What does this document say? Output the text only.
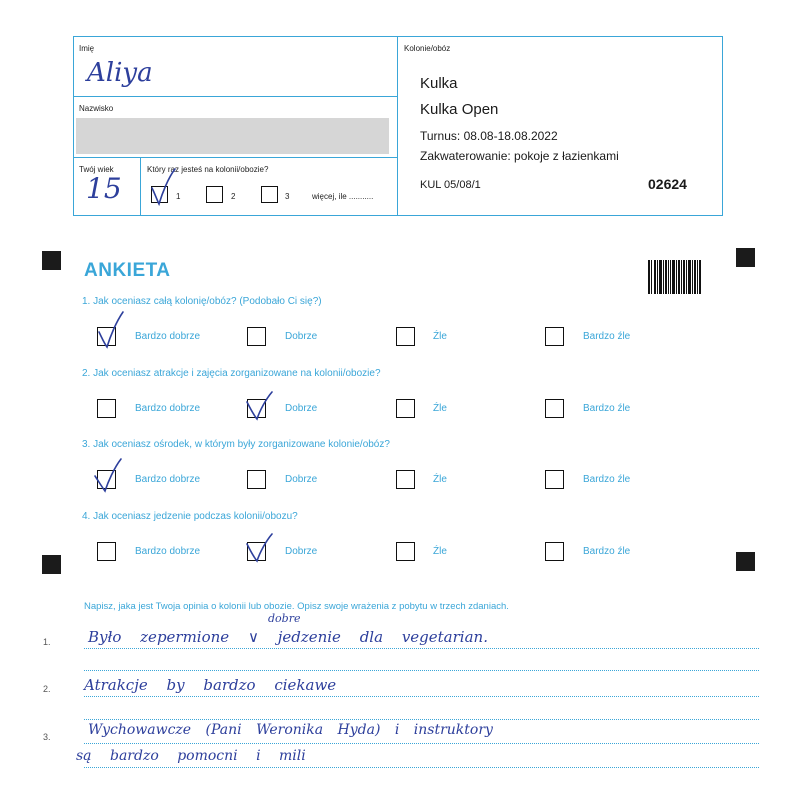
Imię
Aliya
Nazwisko
Twój wiek
15
Który raz jesteś na kolonii/obozie?
1	2	3	więcej, ile ...........
Kolonie/obóz
Kulka
Kulka Open
Turnus: 08.08-18.08.2022
Zakwaterowanie: pokoje z łazienkami
KUL 05/08/1	02624
ANKIETA
1. Jak oceniasz całą kolonię/obóz? (Podobało Ci się?)
2. Jak oceniasz atrakcje i zajęcia zorganizowane na kolonii/obozie?
3. Jak oceniasz ośrodek, w którym były zorganizowane kolonie/obóz?
4. Jak oceniasz jedzenie podczas kolonii/obozu?
Bardzo dobrze	Dobrze	Źle	Bardzo źle
Bardzo dobrze	Dobrze	Źle	Bardzo źle
Bardzo dobrze	Dobrze	Źle	Bardzo źle
Bardzo dobrze	Dobrze	Źle	Bardzo źle
Napisz, jaka jest Twoja opinia o kolonii lub obozie. Opisz swoje wrażenia z pobytu w trzech zdaniach.
1.
2.
3.
dobre
Było zepermione ∨ jedzenie dla vegetarian.
Atrakcje by bardzo ciekawe
Wychowawcze (Pani Weronika Hyda) i instruktory
są bardzo pomocni i mili
